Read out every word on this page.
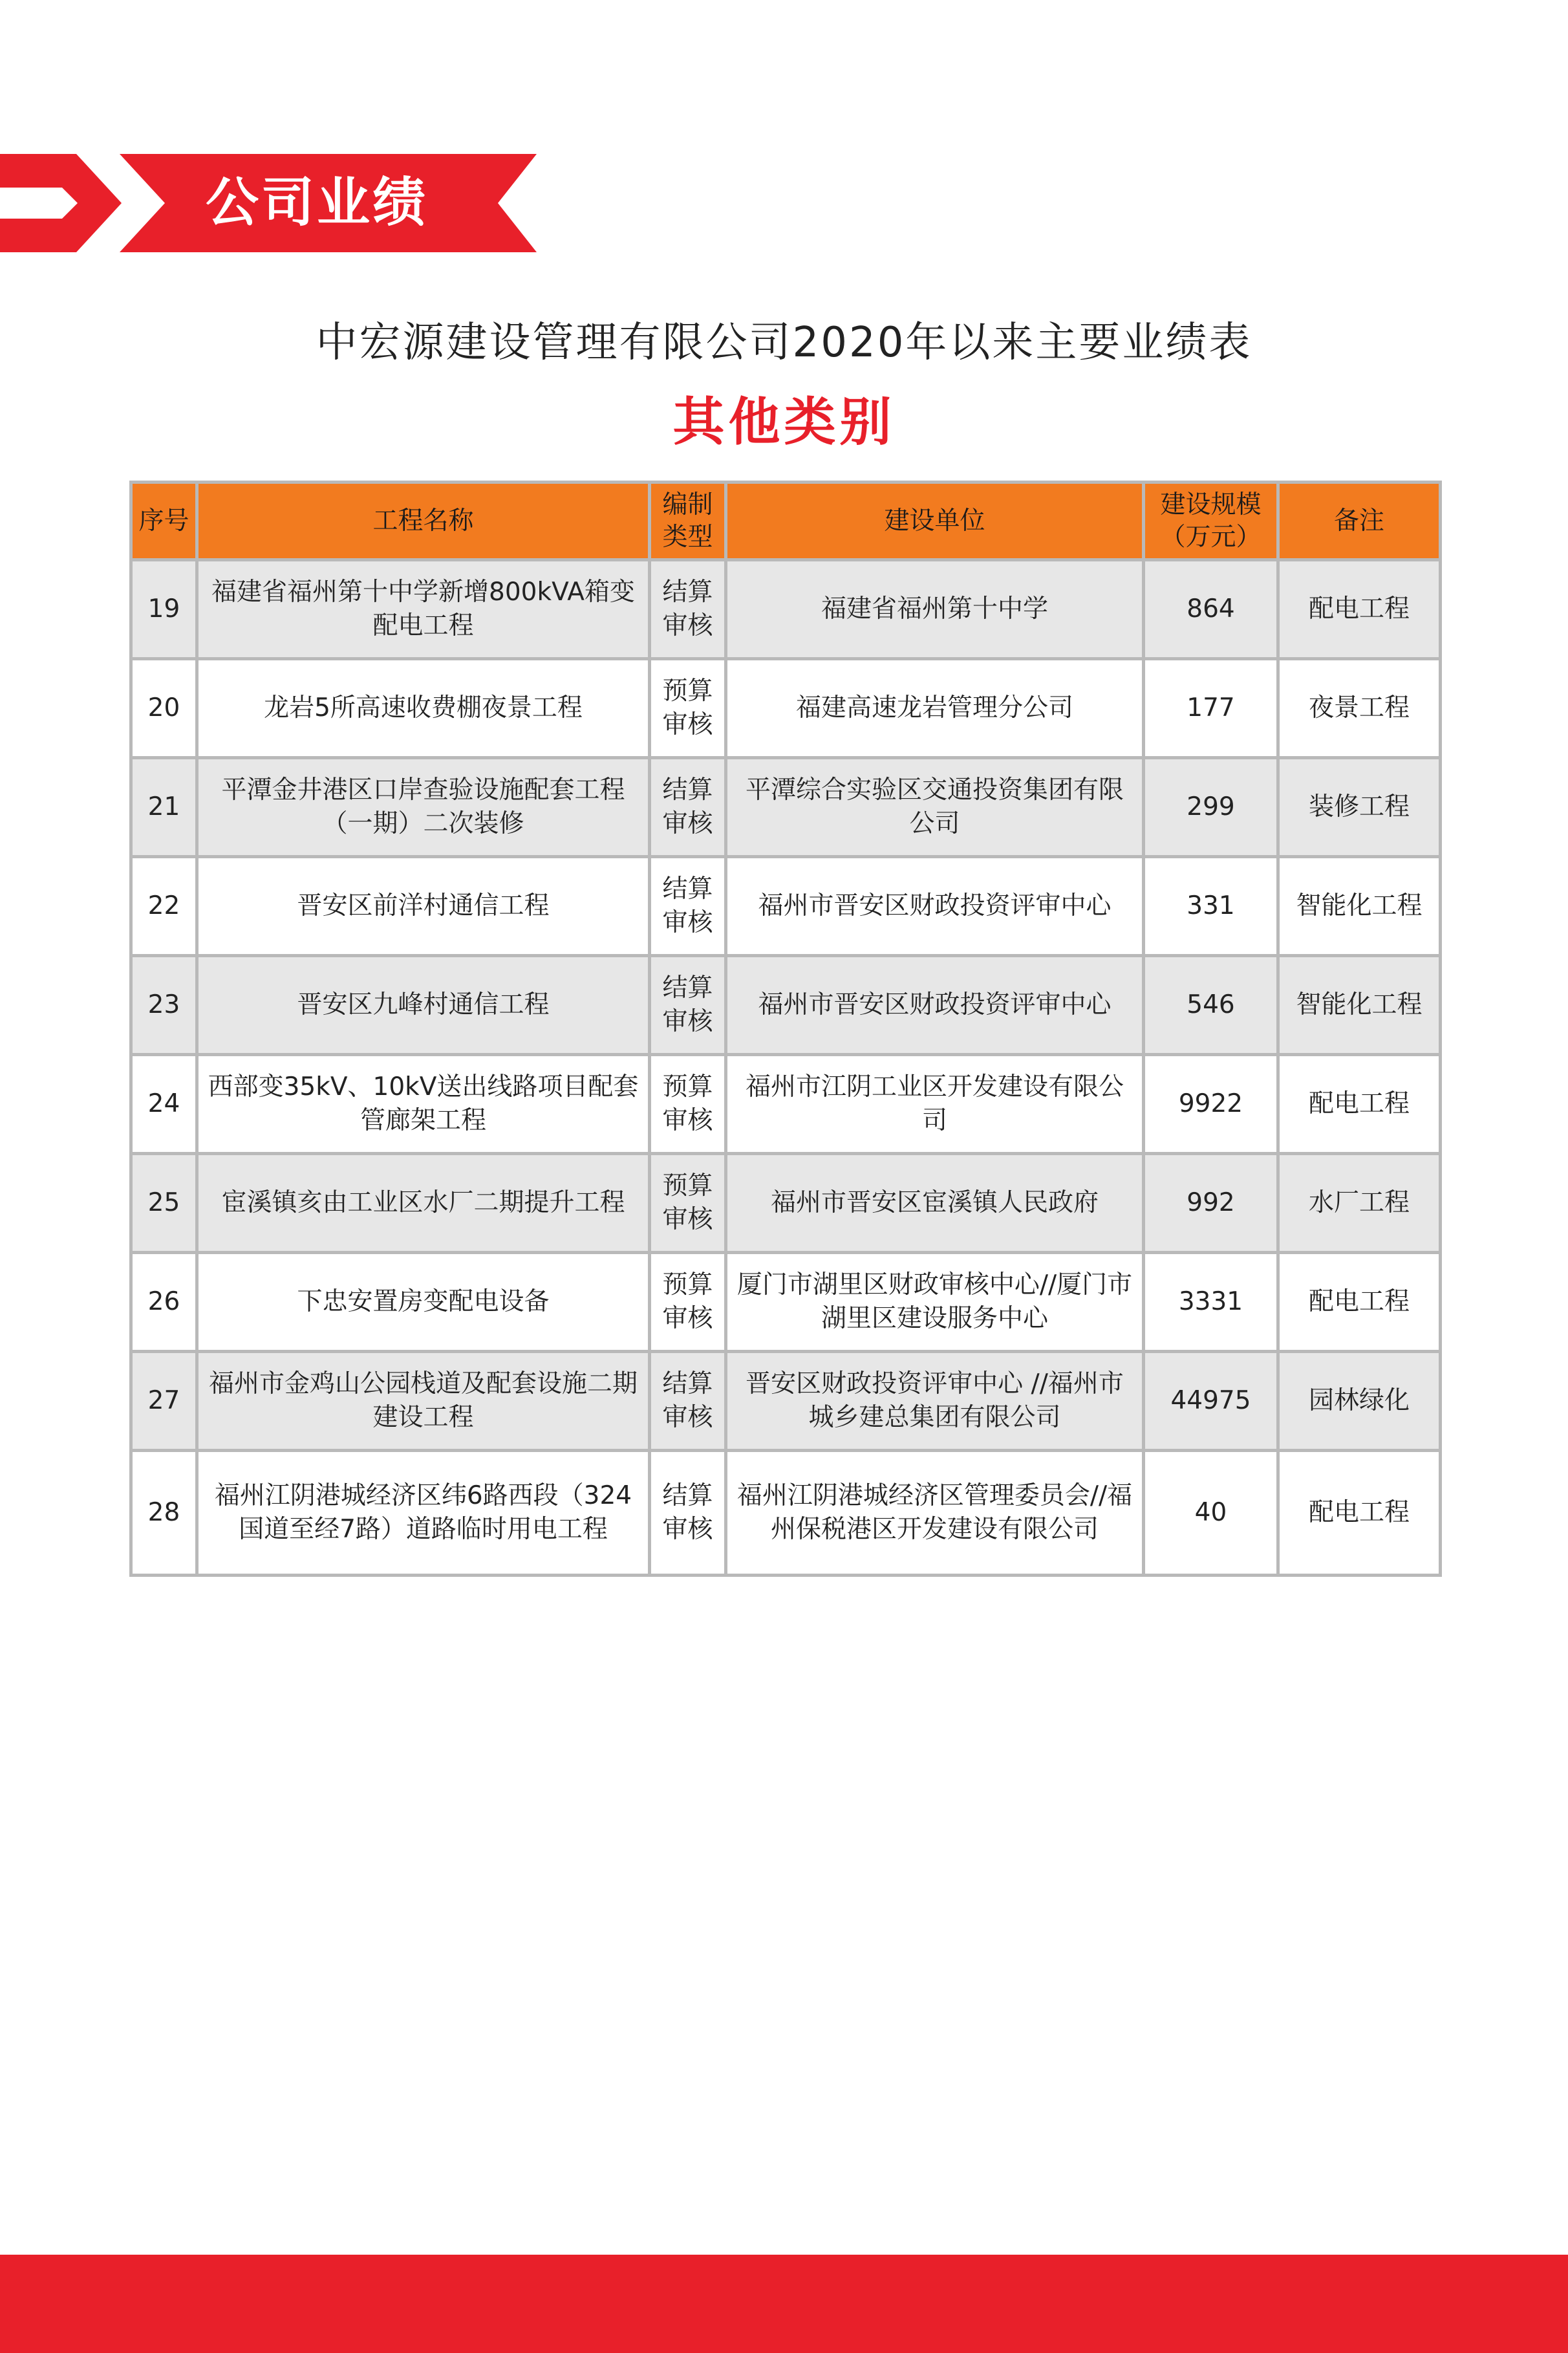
公司业绩
中宏源建设管理有限公司2020年以来主要业绩表
其他类别
序号	工程名称	编制类型	建设单位	建设规模（万元）	备注
19	福建省福州第十中学新增800kVA箱变配电工程	结算审核	福建省福州第十中学	864	配电工程
20	龙岩5所高速收费棚夜景工程	预算审核	福建高速龙岩管理分公司	177	夜景工程
21	平潭金井港区口岸查验设施配套工程（一期）二次装修	结算审核	平潭综合实验区交通投资集团有限公司	299	装修工程
22	晋安区前洋村通信工程	结算审核	福州市晋安区财政投资评审中心	331	智能化工程
23	晋安区九峰村通信工程	结算审核	福州市晋安区财政投资评审中心	546	智能化工程
24	西部变35kV、10kV送出线路项目配套管廊架工程	预算审核	福州市江阴工业区开发建设有限公司	9922	配电工程
25	宦溪镇亥由工业区水厂二期提升工程	预算审核	福州市晋安区宦溪镇人民政府	992	水厂工程
26	下忠安置房变配电设备	预算审核	厦门市湖里区财政审核中心//厦门市湖里区建设服务中心	3331	配电工程
27	福州市金鸡山公园栈道及配套设施二期建设工程	结算审核	晋安区财政投资评审中心 //福州市城乡建总集团有限公司	44975	园林绿化
28	福州江阴港城经济区纬6路西段（324国道至经7路）道路临时用电工程	结算审核	福州江阴港城经济区管理委员会//福州保税港区开发建设有限公司	40	配电工程
